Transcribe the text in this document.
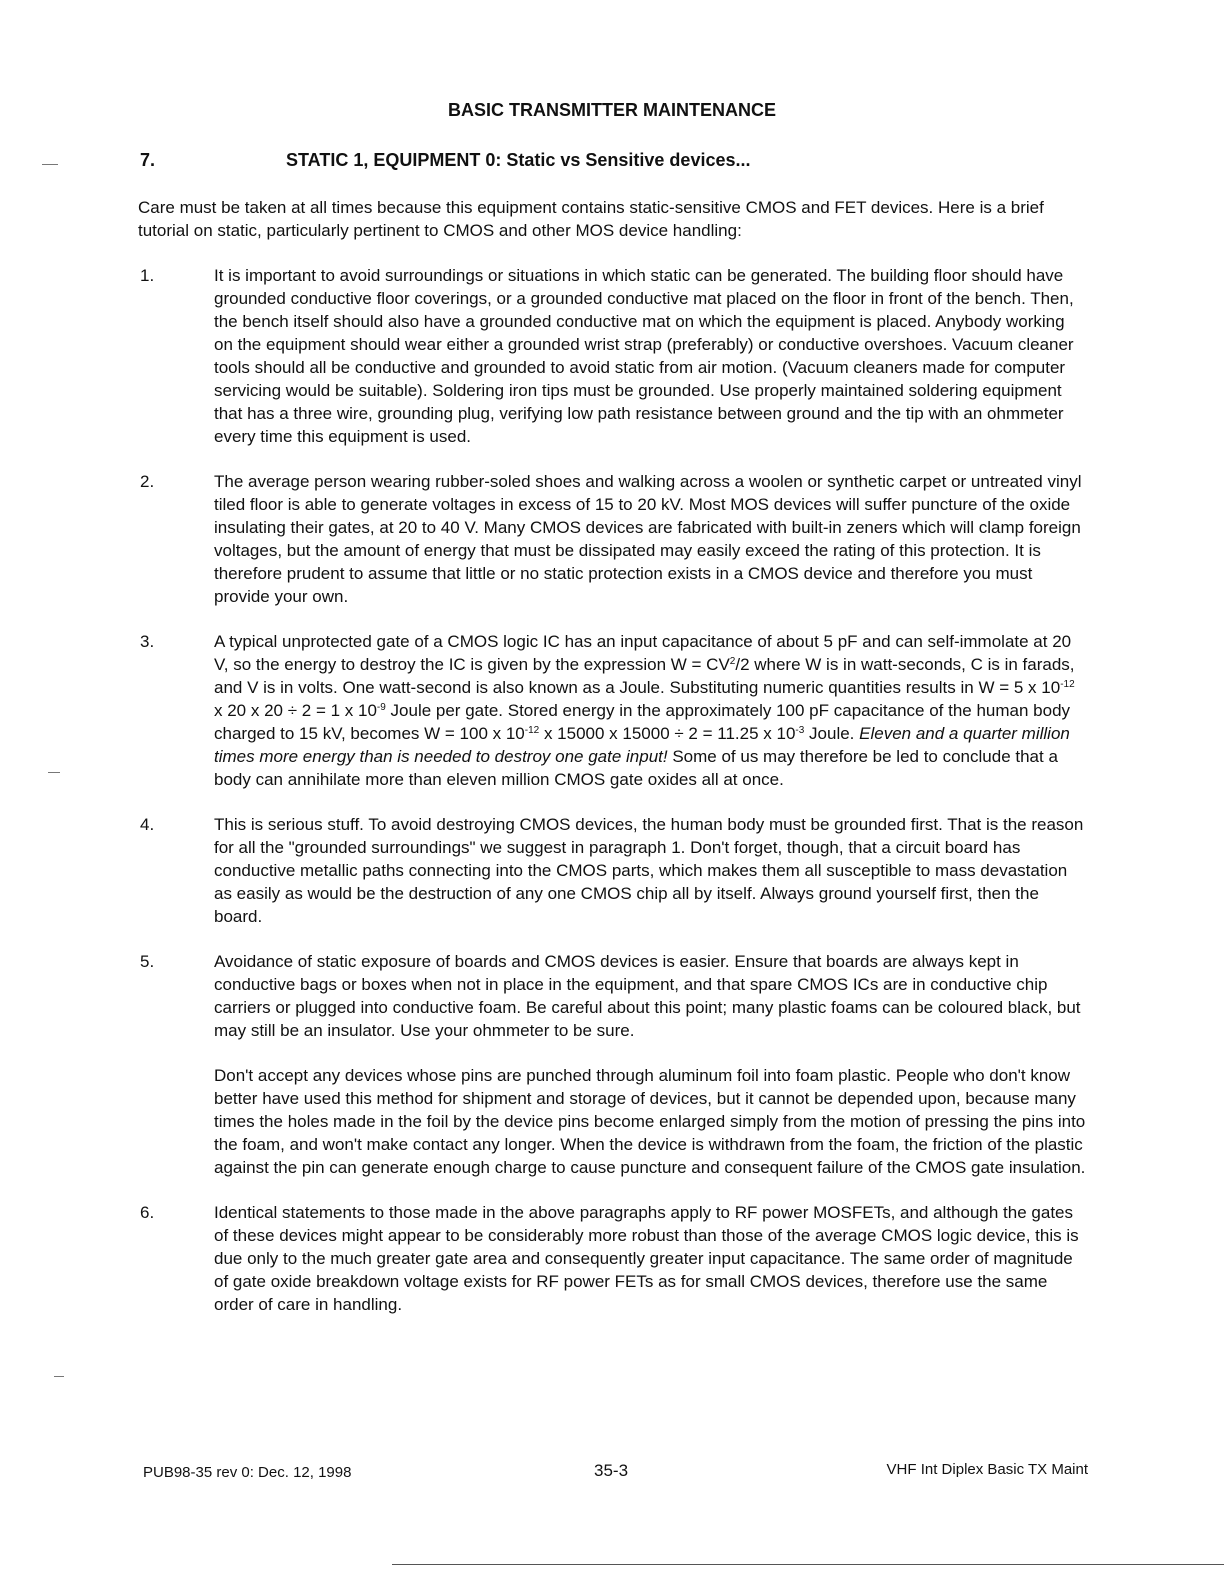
BASIC TRANSMITTER MAINTENANCE
7.	STATIC 1, EQUIPMENT 0: Static vs Sensitive devices...

Care must be taken at all times because this equipment contains static-sensitive CMOS and FET devices. Here is a brief tutorial on static, particularly pertinent to CMOS and other MOS device handling:

1.	It is important to avoid surroundings or situations in which static can be generated. The building floor should have grounded conductive floor coverings, or a grounded conductive mat placed on the floor in front of the bench. Then, the bench itself should also have a grounded conductive mat on which the equipment is placed. Anybody working on the equipment should wear either a grounded wrist strap (preferably) or conductive overshoes. Vacuum cleaner tools should all be conductive and grounded to avoid static from air motion. (Vacuum cleaners made for computer servicing would be suitable). Soldering iron tips must be grounded. Use properly maintained soldering equipment that has a three wire, grounding plug, verifying low path resistance between ground and the tip with an ohmmeter every time this equipment is used.

2.	The average person wearing rubber-soled shoes and walking across a woolen or synthetic carpet or untreated vinyl tiled floor is able to generate voltages in excess of 15 to 20 kV. Most MOS devices will suffer puncture of the oxide insulating their gates, at 20 to 40 V. Many CMOS devices are fabricated with built-in zeners which will clamp foreign voltages, but the amount of energy that must be dissipated may easily exceed the rating of this protection. It is therefore prudent to assume that little or no static protection exists in a CMOS device and therefore you must provide your own.

3.	A typical unprotected gate of a CMOS logic IC has an input capacitance of about 5 pF and can self-immolate at 20 V, so the energy to destroy the IC is given by the expression $W = CV^2/2$ where W is in watt-seconds, C is in farads, and V is in volts. One watt-second is also known as a Joule. Substituting numeric quantities results in W = 5 x $10^{-12}$ x 20 x 20 ÷ 2 = 1 x $10^{-9}$ Joule per gate. Stored energy in the approximately 100 pF capacitance of the human body charged to 15 kV, becomes W = 100 x $10^{-12}$ x 15000 x 15000 ÷ 2 = 11.25 x $10^{-3}$ Joule. Eleven and a quarter million times more energy than is needed to destroy one gate input! Some of us may therefore be led to conclude that a body can annihilate more than eleven million CMOS gate oxides all at once.

4.	This is serious stuff. To avoid destroying CMOS devices, the human body must be grounded first. That is the reason for all the "grounded surroundings" we suggest in paragraph 1. Don't forget, though, that a circuit board has conductive metallic paths connecting into the CMOS parts, which makes them all susceptible to mass devastation as easily as would be the destruction of any one CMOS chip all by itself. Always ground yourself first, then the board.

5.	Avoidance of static exposure of boards and CMOS devices is easier. Ensure that boards are always kept in conductive bags or boxes when not in place in the equipment, and that spare CMOS ICs are in conductive chip carriers or plugged into conductive foam. Be careful about this point; many plastic foams can be coloured black, but may still be an insulator. Use your ohmmeter to be sure.

Don't accept any devices whose pins are punched through aluminum foil into foam plastic. People who don't know better have used this method for shipment and storage of devices, but it cannot be depended upon, because many times the holes made in the foil by the device pins become enlarged simply from the motion of pressing the pins into the foam, and won't make contact any longer. When the device is withdrawn from the foam, the friction of the plastic against the pin can generate enough charge to cause puncture and consequent failure of the CMOS gate insulation.

6.	Identical statements to those made in the above paragraphs apply to RF power MOSFETs, and although the gates of these devices might appear to be considerably more robust than those of the average CMOS logic device, this is due only to the much greater gate area and consequently greater input capacitance. The same order of magnitude of gate oxide breakdown voltage exists for RF power FETs as for small CMOS devices, therefore use the same order of care in handling.

PUB98-35 rev 0: Dec. 12, 1998	35-3	VHF Int Diplex Basic TX Maint
